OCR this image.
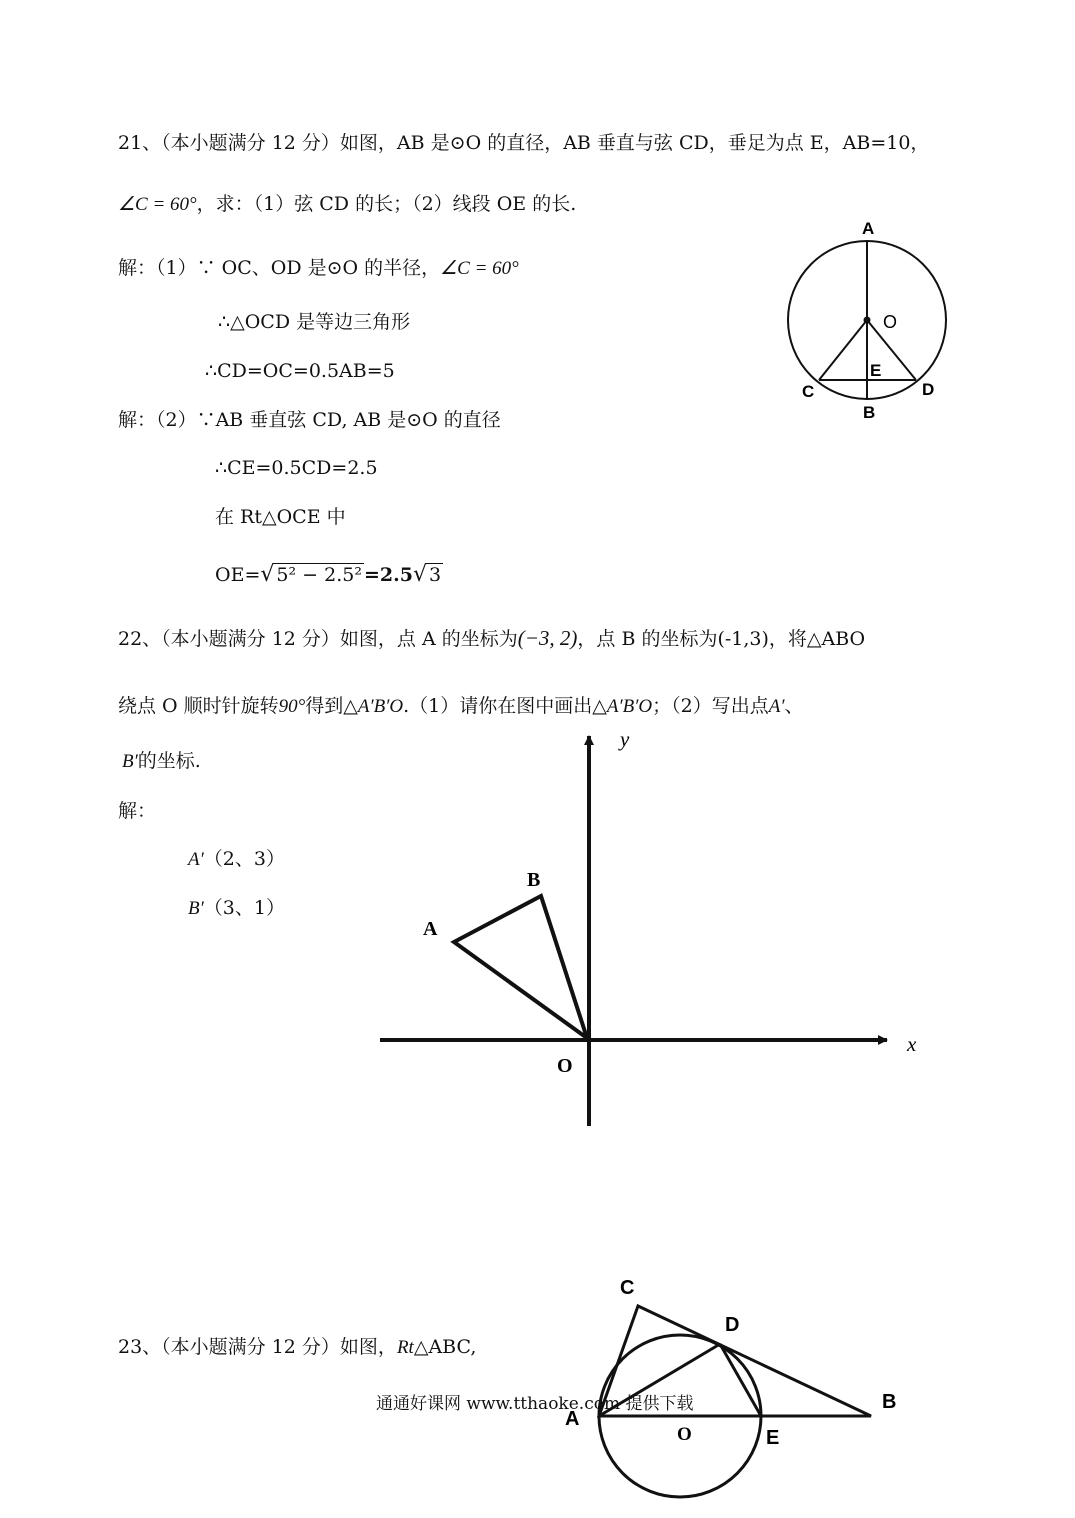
21、（本小题满分 12 分）如图，AB 是⊙O 的直径，AB 垂直与弦 CD，垂足为点 E，AB=10，
∠C = 60°，求：（1）弦 CD 的长；（2）线段 OE 的长.
解：（1）∵ OC、OD 是⊙O 的半径，∠C = 60°
∴△OCD 是等边三角形
∴CD=OC=0.5AB=5
解：（2）∵AB 垂直弦 CD, AB 是⊙O 的直径
∴CE=0.5CD=2.5
在 Rt△OCE 中
OE=√ 5² − 2.5² =2.5√ 3
A
O
E
C	D
B
22、（本小题满分 12 分）如图，点 A 的坐标为(−3, 2)，点 B 的坐标为(-1,3)，将△ABO
绕点 O 顺时针旋转90°得到△A′B′O.（1）请你在图中画出△A′B′O；（2）写出点A′、
B′的坐标.
解：
A′（2、3）
B′（3、1）
A
B
O
x
y
23、（本小题满分 12 分）如图，Rt△ABC,
C
D
B
A
O	E
通通好课网 www.tthaoke.com 提供下载
